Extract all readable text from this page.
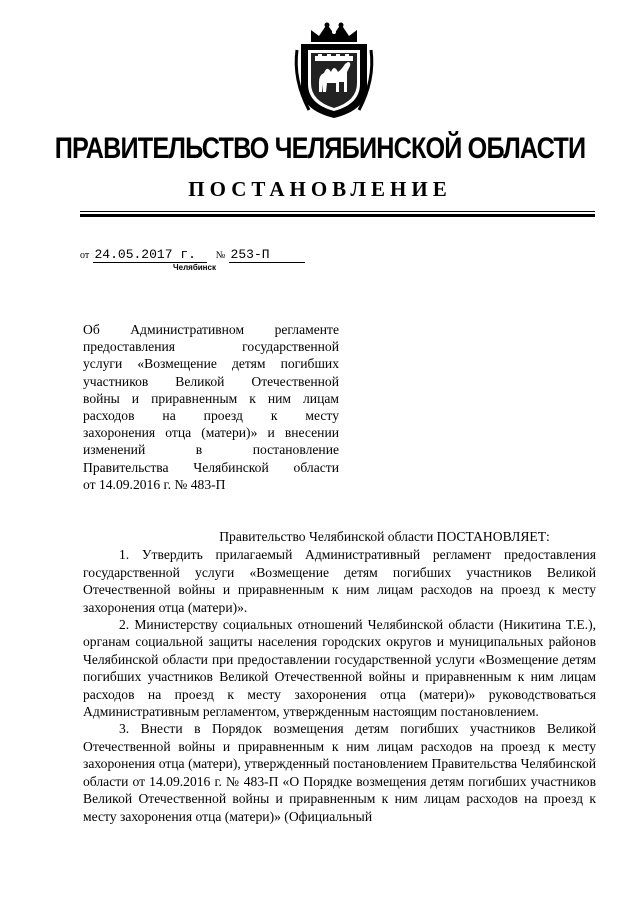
ПРАВИТЕЛЬСТВО ЧЕЛЯБИНСКОЙ ОБЛАСТИ
ПОСТАНОВЛЕНИЕ
от 24.05.2017 г. № 253-П
Челябинск
Об Административном регламенте
предоставления государственной
услуги «Возмещение детям погибших
участников Великой Отечественной
войны и приравненным к ним лицам
расходов на проезд к месту
захоронения отца (матери)» и внесении
изменений в постановление
Правительства Челябинской области
от 14.09.2016 г. № 483-П

Правительство Челябинской области ПОСТАНОВЛЯЕТ:

1. Утвердить прилагаемый Административный регламент предоставления государственной услуги «Возмещение детям погибших участников Великой Отечественной войны и приравненным к ним лицам расходов на проезд к месту захоронения отца (матери)».

2. Министерству социальных отношений Челябинской области (Никитина Т.Е.), органам социальной защиты населения городских округов и муниципальных районов Челябинской области при предоставлении государственной услуги «Возмещение детям погибших участников Великой Отечественной войны и приравненным к ним лицам расходов на проезд к месту захоронения отца (матери)» руководствоваться Административным регламентом, утвержденным настоящим постановлением.

3. Внести в Порядок возмещения детям погибших участников Великой Отечественной войны и приравненным к ним лицам расходов на проезд к месту захоронения отца (матери), утвержденный постановлением Правительства Челябинской области от 14.09.2016 г. № 483-П «О Порядке возмещения детям погибших участников Великой Отечественной войны и приравненным к ним лицам расходов на проезд к месту захоронения отца (матери)» (Официальный
